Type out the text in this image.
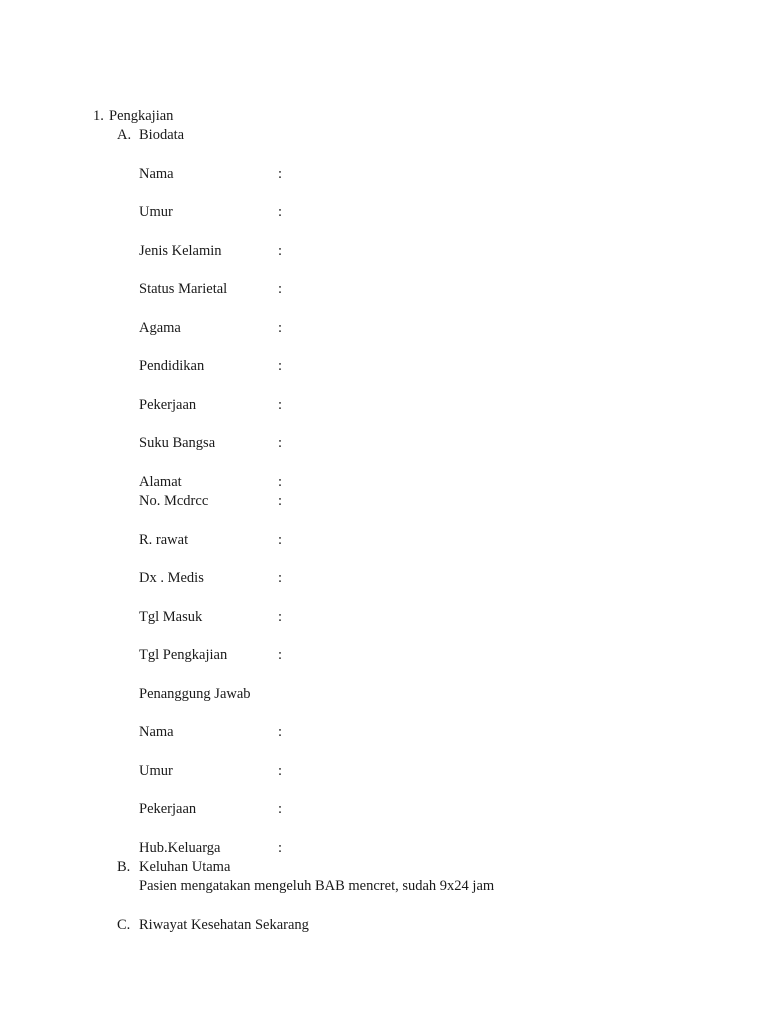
1. Pengkajian
A. Biodata
Nama	:
Umur	:
Jenis Kelamin	:
Status Marietal	:
Agama	:
Pendidikan	:
Pekerjaan	:
Suku Bangsa	:
Alamat	:
No. Mcdrcc	:
R. rawat	:
Dx . Medis	:
Tgl Masuk	:
Tgl Pengkajian	:
Penanggung Jawab
Nama	:
Umur	:
Pekerjaan	:
Hub.Keluarga	:
B. Keluhan Utama
Pasien mengatakan mengeluh BAB mencret, sudah 9x24 jam
C. Riwayat Kesehatan Sekarang
